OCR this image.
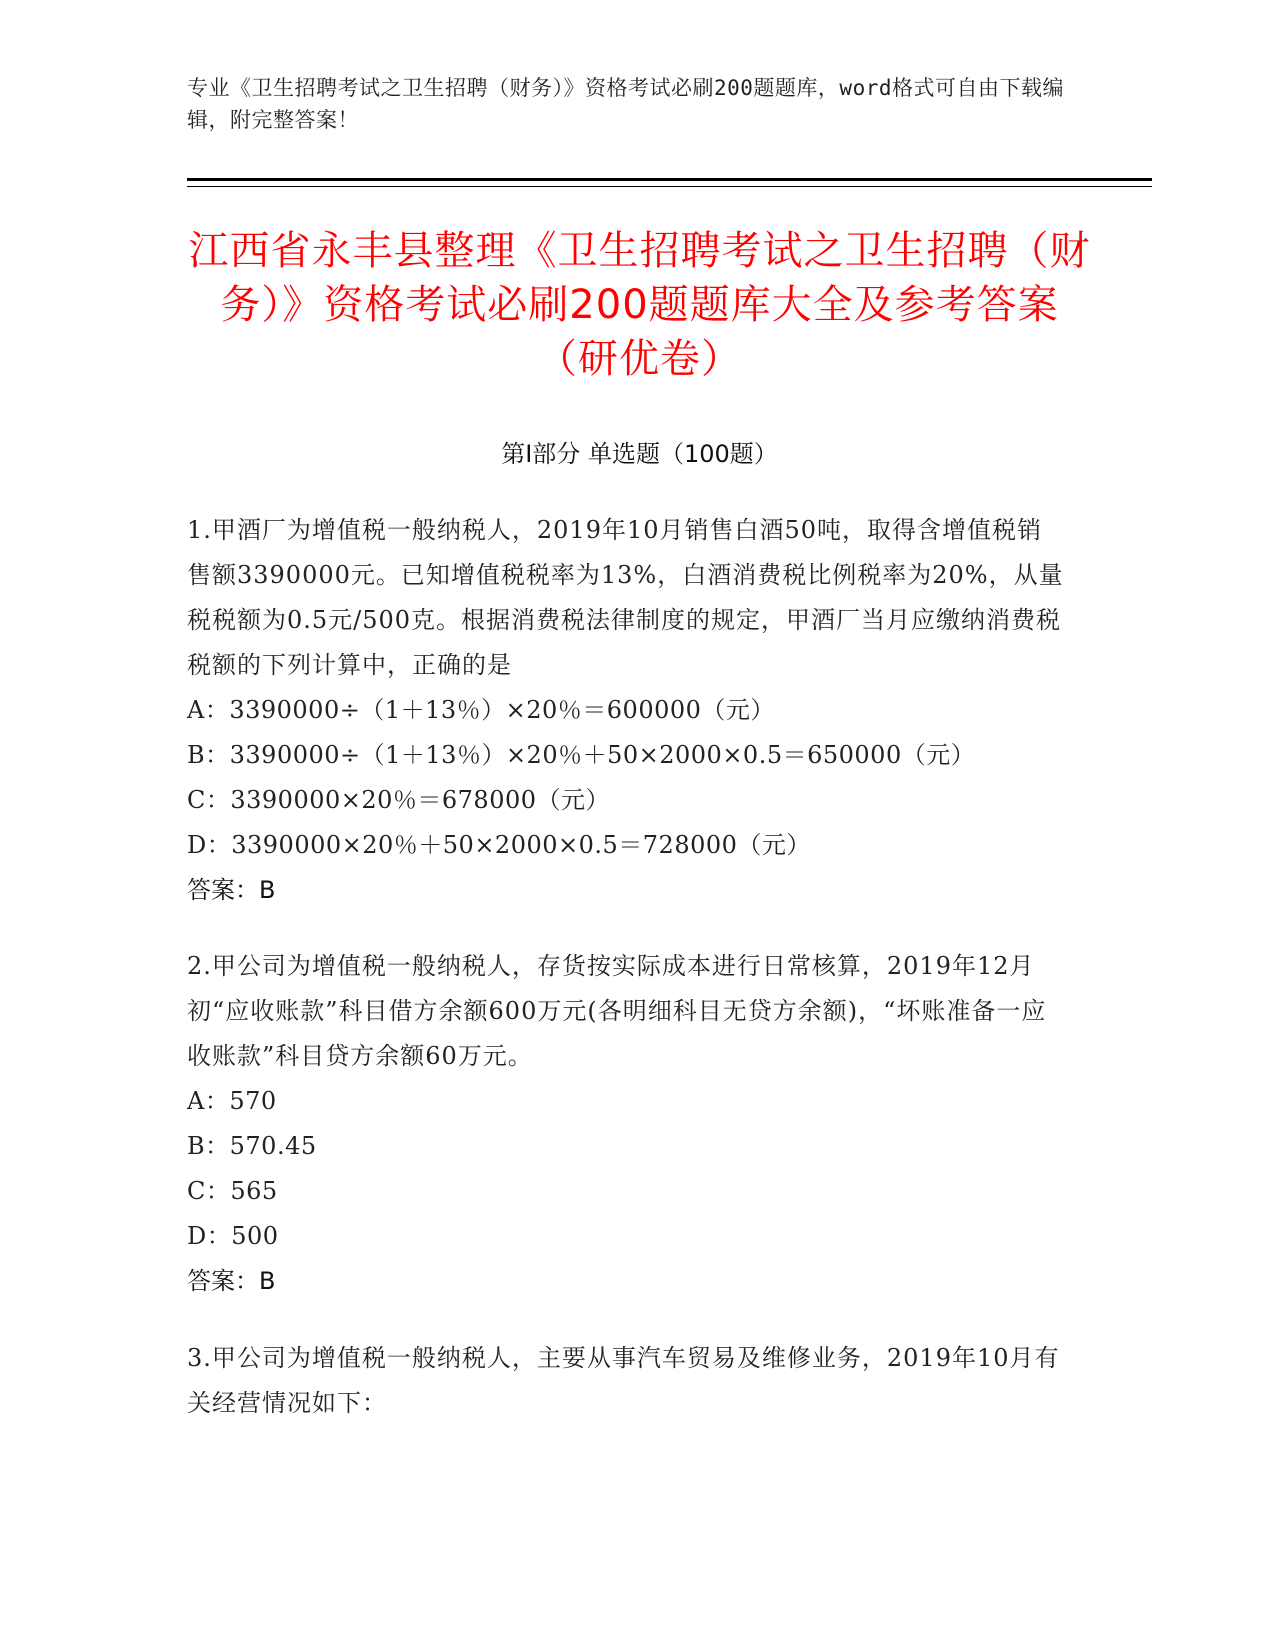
专业《卫生招聘考试之卫生招聘（财务）》资格考试必刷200题题库，word格式可自由下载编辑，附完整答案！
江西省永丰县整理《卫生招聘考试之卫生招聘（财务）》资格考试必刷200题题库大全及参考答案（研优卷）
第Ⅰ部分 单选题（100题）
1.甲酒厂为增值税一般纳税人，2019年10月销售白酒50吨，取得含增值税销售额3390000元。已知增值税税率为13%，白酒消费税比例税率为20%，从量税税额为0.5元/500克。根据消费税法律制度的规定，甲酒厂当月应缴纳消费税税额的下列计算中，正确的是
A：3390000÷（1＋13％）×20％＝600000（元）
B：3390000÷（1＋13％）×20％＋50×2000×0.5＝650000（元）
C：3390000×20％＝678000（元）
D：3390000×20％＋50×2000×0.5＝728000（元）
答案：B
2.甲公司为增值税一般纳税人，存货按实际成本进行日常核算，2019年12月初“应收账款”科目借方余额600万元(各明细科目无贷方余额)，“坏账准备一应收账款”科目贷方余额60万元。
A：570
B：570.45
C：565
D：500
答案：B
3.甲公司为增值税一般纳税人，主要从事汽车贸易及维修业务，2019年10月有关经营情况如下：
